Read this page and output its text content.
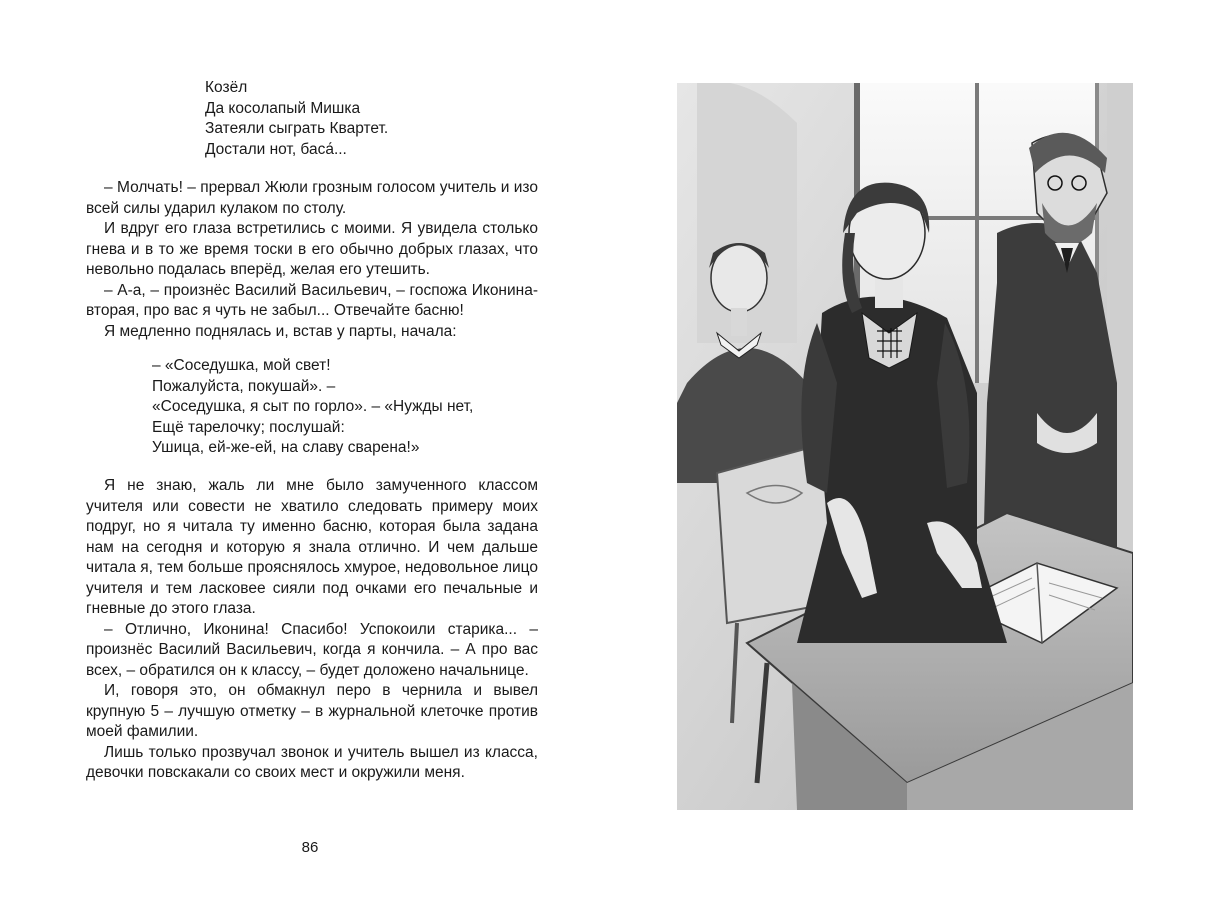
Козёл
Да косолапый Мишка
Затеяли сыграть Квартет.
Достали нот, баса́...

– Молчать! – прервал Жюли грозным голосом учитель и изо всей силы ударил кулаком по столу.

И вдруг его глаза встретились с моими. Я увидела столько гнева и в то же время тоски в его обычно добрых глазах, что невольно подалась вперёд, желая его утешить.

– А-а, – произнёс Василий Васильевич, – госпожа Иконина-вторая, про вас я чуть не забыл... Отвечайте басню!

Я медленно поднялась и, встав у парты, начала:

– «Соседушка, мой свет!
Пожалуйста, покушай». –
«Соседушка, я сыт по горло». – «Нужды нет,
Ещё тарелочку; послушай:
Ушица, ей-же-ей, на славу сварена!»

Я не знаю, жаль ли мне было замученного классом учителя или совести не хватило следовать примеру моих подруг, но я читала ту именно басню, которая была задана нам на сегодня и которую я знала отлично. И чем дальше читала я, тем больше прояснялось хмурое, недовольное лицо учителя и тем ласковее сияли под очками его печальные и гневные до этого глаза.

– Отлично, Иконина! Спасибо! Успокоили старика... – произнёс Василий Васильевич, когда я кончила. – А про вас всех, – обратился он к классу, – будет доложено начальнице.

И, говоря это, он обмакнул перо в чернила и вывел крупную 5 – лучшую отметку – в журнальной клеточке против моей фамилии.

Лишь только прозвучал звонок и учитель вышел из класса, девочки повскакали со своих мест и окружили меня.

86
